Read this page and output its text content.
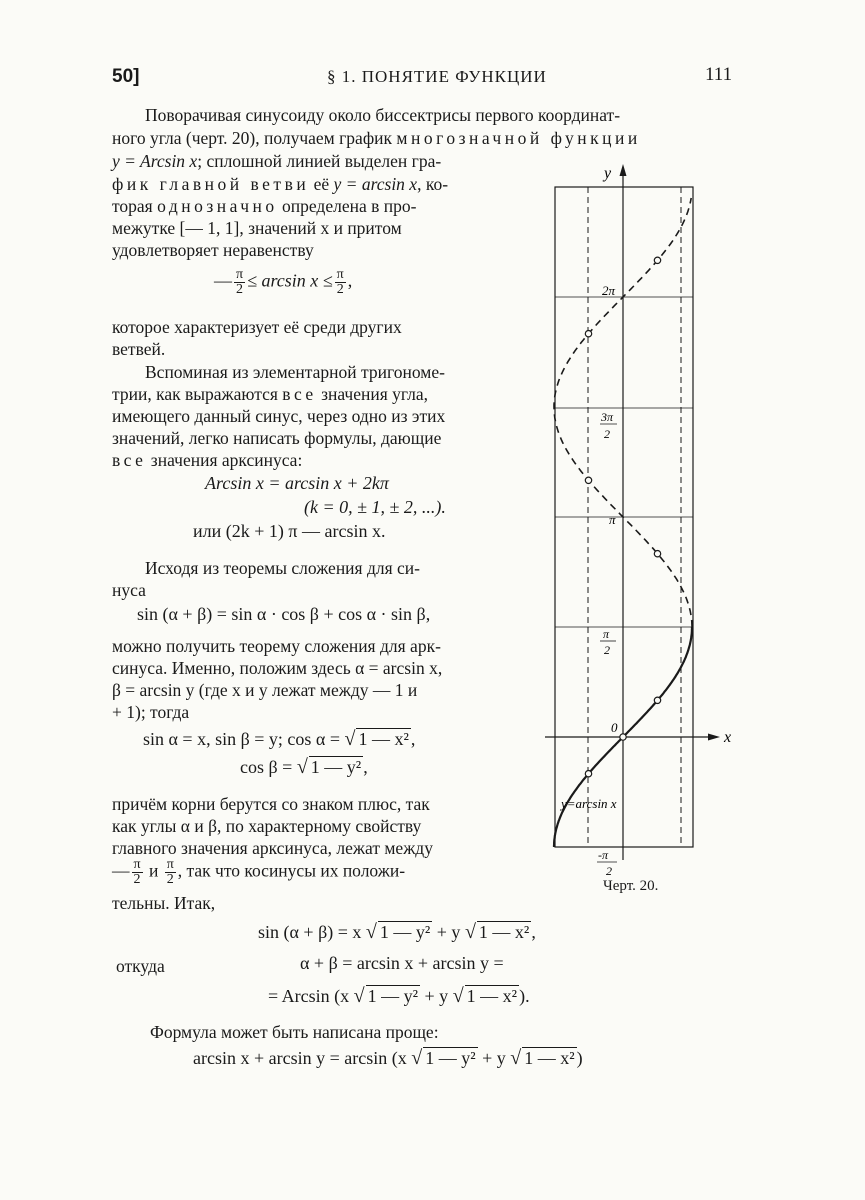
50]	§ 1. ПОНЯТИЕ ФУНКЦИИ	111
Поворачивая синусоиду около биссектрисы первого координат-
ного угла (черт. 20), получаем график многозначной функции
y = Arcsin x; сплошной линией выделен гра-
фик главной ветви её y = arcsin x, ко-
торая однозначно определена в про-
межутке [— 1, 1], значений x и притом
удовлетворяет неравенству
— $\frac{\pi}{2} \le \arcsin x \le \frac{\pi}{2}$ ,
которое характеризует её среди других
ветвей.
Вспоминая из элементарной тригономе-
трии, как выражаются все значения угла,
имеющего данный синус, через одно из этих
значений, легко написать формулы, дающие
все значения арксинуса:
Arcsin x = arcsin x + 2kπ
(k = 0, ± 1, ± 2, ...).
или (2k + 1) π — arcsin x.
Исходя из теоремы сложения для си-
нуса
sin (α + β) = sin α · cos β + cos α · sin β,
можно получить теорему сложения для арк-
синуса. Именно, положим здесь α = arcsin x,
β = arcsin y (где x и y лежат между — 1 и
+ 1); тогда
sin α = x, sin β = y; cos α = √ 1 — x² ,
cos β = √ 1 — y² ,
причём корни берутся со знаком плюс, так
как углы α и β, по характерному свойству
главного значения арксинуса, лежат между
— $\frac{\pi}{2}$ и $\frac{\pi}{2}$ , так что косинусы их положи-
тельны. Итак,
sin (α + β) = x √ 1 — y² + y √ 1 — x² ,
откуда	α + β = arcsin x + arcsin y =
= Arcsin (x √ 1 — y² + y √ 1 — x² ).
Формула может быть написана проще:
arcsin x + arcsin y = arcsin (x √ 1 — y² + y √ 1 — x² )
y
x
0
2π
3π
2
π
π
2
-π
2
y=arcsin x
Черт. 20.
